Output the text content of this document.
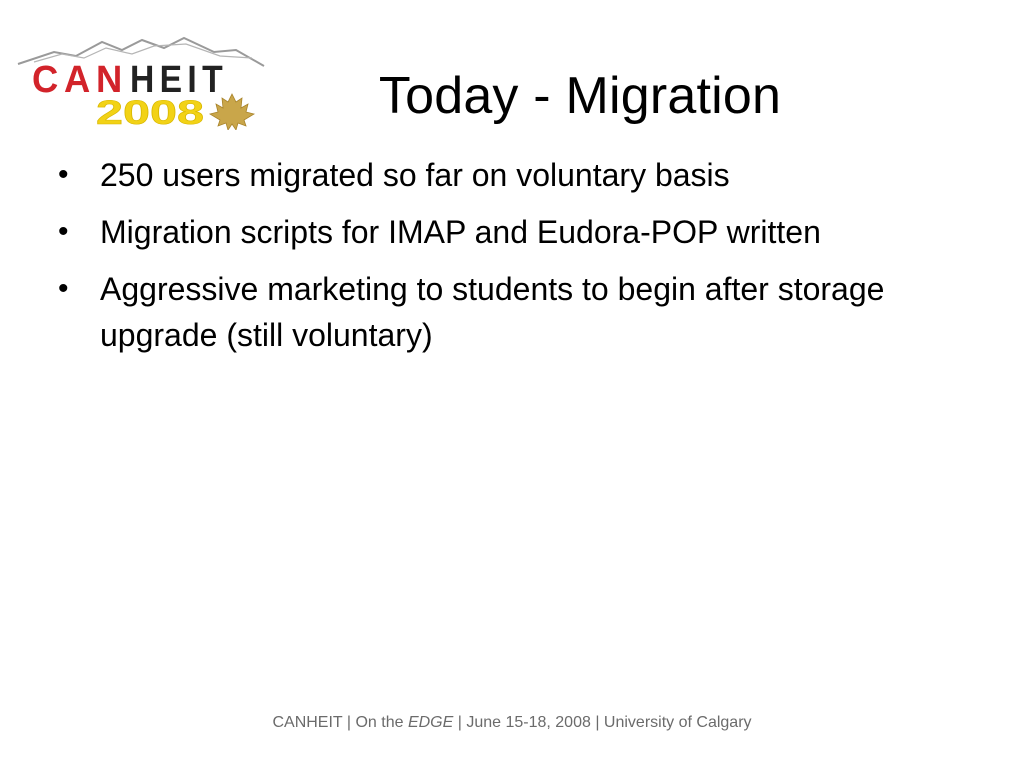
CAN HEIT
2008	Today - Migration
• 250 users migrated so far on voluntary basis
• Migration scripts for IMAP and Eudora-POP written
• Aggressive marketing to students to begin after storage upgrade (still voluntary)
CANHEIT | On the EDGE | June 15-18, 2008 | University of Calgary
